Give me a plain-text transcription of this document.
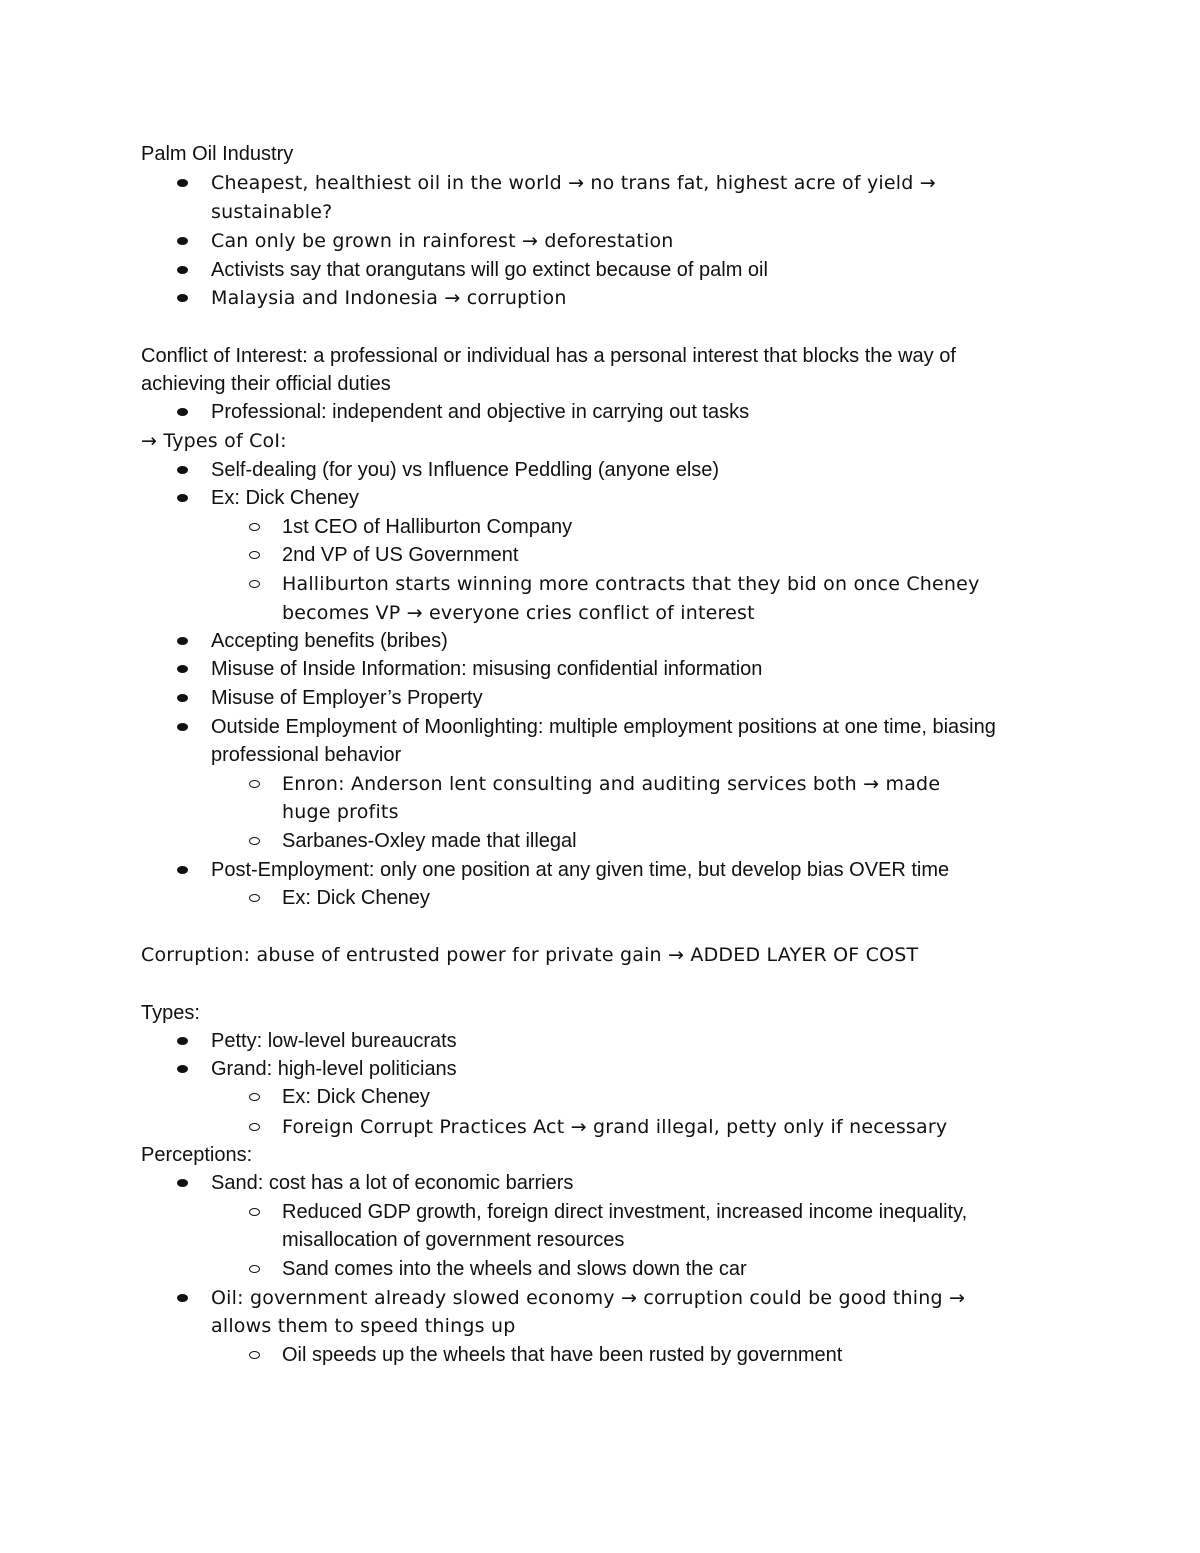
Palm Oil Industry
Cheapest, healthiest oil in the world → no trans fat, highest acre of yield →
sustainable?
Can only be grown in rainforest → deforestation
Activists say that orangutans will go extinct because of palm oil
Malaysia and Indonesia → corruption
Conflict of Interest: a professional or individual has a personal interest that blocks the way of
achieving their official duties
Professional: independent and objective in carrying out tasks
→ Types of CoI:
Self-dealing (for you) vs Influence Peddling (anyone else)
Ex: Dick Cheney
1st CEO of Halliburton Company
2nd VP of US Government
Halliburton starts winning more contracts that they bid on once Cheney
becomes VP → everyone cries conflict of interest
Accepting benefits (bribes)
Misuse of Inside Information: misusing confidential information
Misuse of Employer’s Property
Outside Employment of Moonlighting: multiple employment positions at one time, biasing
professional behavior
Enron: Anderson lent consulting and auditing services both → made
huge profits
Sarbanes-Oxley made that illegal
Post-Employment: only one position at any given time, but develop bias OVER time
Ex: Dick Cheney
Corruption: abuse of entrusted power for private gain → ADDED LAYER OF COST
Types:
Petty: low-level bureaucrats
Grand: high-level politicians
Ex: Dick Cheney
Foreign Corrupt Practices Act → grand illegal, petty only if necessary
Perceptions:
Sand: cost has a lot of economic barriers
Reduced GDP growth, foreign direct investment, increased income inequality,
misallocation of government resources
Sand comes into the wheels and slows down the car
Oil: government already slowed economy → corruption could be good thing →
allows them to speed things up
Oil speeds up the wheels that have been rusted by government
